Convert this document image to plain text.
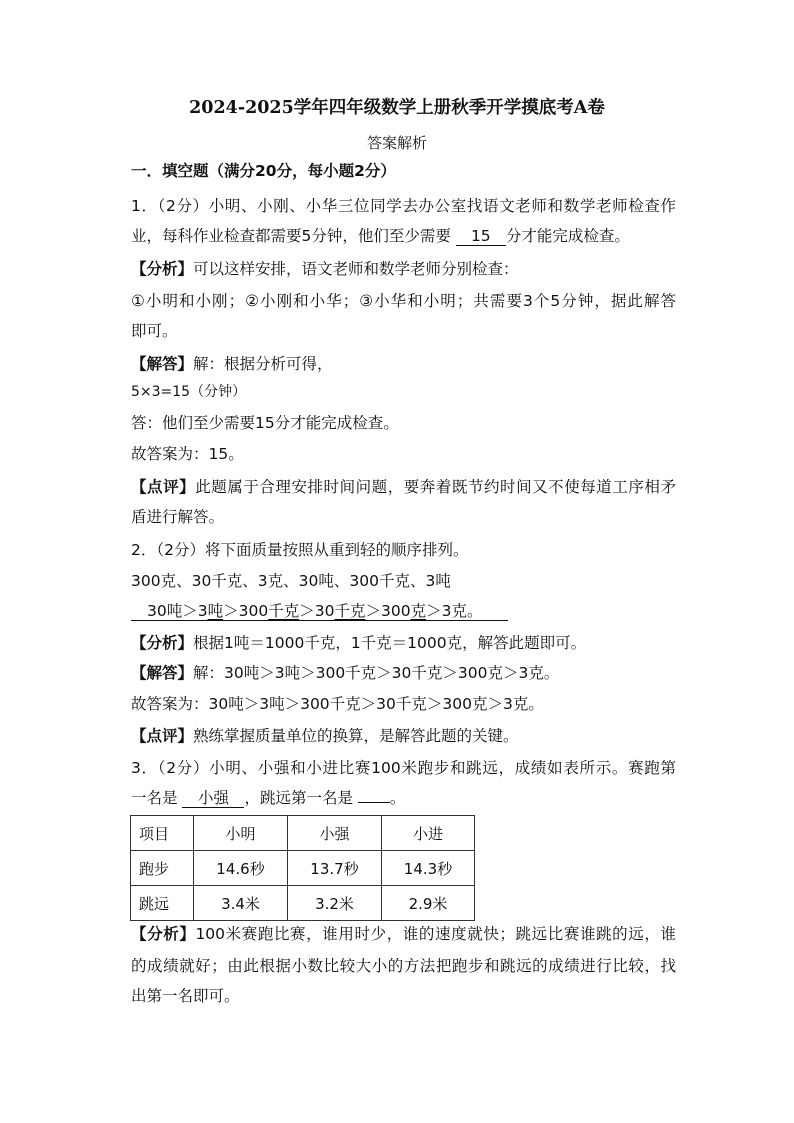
2024-2025学年四年级数学上册秋季开学摸底考A卷
答案解析
一．填空题（满分20分，每小题2分）
1．（2分）小明、小刚、小华三位同学去办公室找语文老师和数学老师检查作
业，每科作业检查都需要5分钟，他们至少需要 15 分才能完成检查。
【分析】可以这样安排，语文老师和数学老师分别检查：
①小明和小刚；②小刚和小华；③小华和小明；共需要3个5分钟，据此解答
即可。
【解答】解：根据分析可得，
5×3=15（分钟）
答：他们至少需要15分才能完成检查。
故答案为：15。
【点评】此题属于合理安排时间问题，要奔着既节约时间又不使每道工序相矛
盾进行解答。
2．（2分）将下面质量按照从重到轻的顺序排列。
300克、30千克、3克、30吨、300千克、3吨
30吨＞3吨＞300千克＞30千克＞300克＞3克。
【分析】根据1吨＝1000千克，1千克＝1000克，解答此题即可。
【解答】解：30吨＞3吨＞300千克＞30千克＞300克＞3克。
故答案为：30吨＞3吨＞300千克＞30千克＞300克＞3克。
【点评】熟练掌握质量单位的换算，是解答此题的关键。
3．（2分）小明、小强和小进比赛100米跑步和跳远，成绩如表所示。赛跑第
一名是 小强 ，跳远第一名是 。
项目	小明	小强	小进
跑步	14.6秒	13.7秒	14.3秒
跳远	3.4米	3.2米	2.9米
【分析】100米赛跑比赛，谁用时少，谁的速度就快；跳远比赛谁跳的远，谁
的成绩就好；由此根据小数比较大小的方法把跑步和跳远的成绩进行比较，找
出第一名即可。
